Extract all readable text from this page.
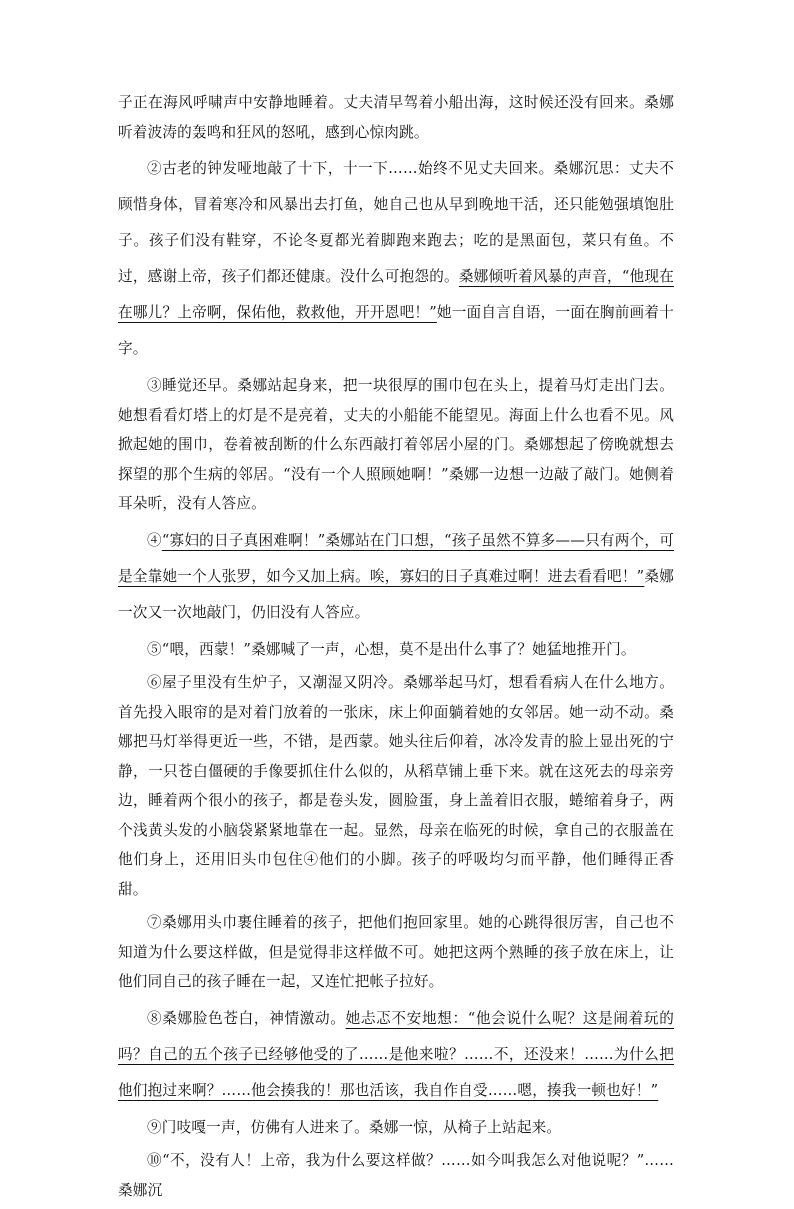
子正在海风呼啸声中安静地睡着。丈夫清早驾着小船出海，这时候还没有回来。桑娜听着波涛的轰鸣和狂风的怒吼，感到心惊肉跳。

②古老的钟发哑地敲了十下，十一下……始终不见丈夫回来。桑娜沉思：丈夫不顾惜身体，冒着寒冷和风暴出去打鱼，她自己也从早到晚地干活，还只能勉强填饱肚子。孩子们没有鞋穿，不论冬夏都光着脚跑来跑去；吃的是黑面包，菜只有鱼。不过，感谢上帝，孩子们都还健康。没什么可抱怨的。桑娜倾听着风暴的声音，“他现在在哪儿？上帝啊，保佑他，救救他，开开恩吧！”她一面自言自语，一面在胸前画着十字。

③睡觉还早。桑娜站起身来，把一块很厚的围巾包在头上，提着马灯走出门去。她想看看灯塔上的灯是不是亮着，丈夫的小船能不能望见。海面上什么也看不见。风掀起她的围巾，卷着被刮断的什么东西敲打着邻居小屋的门。桑娜想起了傍晚就想去探望的那个生病的邻居。“没有一个人照顾她啊！”桑娜一边想一边敲了敲门。她侧着耳朵听，没有人答应。

④“寡妇的日子真困难啊！”桑娜站在门口想，“孩子虽然不算多——只有两个，可是全靠她一个人张罗，如今又加上病。唉，寡妇的日子真难过啊！进去看看吧！”桑娜一次又一次地敲门，仍旧没有人答应。

⑤“喂，西蒙！”桑娜喊了一声，心想，莫不是出什么事了？她猛地推开门。

⑥屋子里没有生炉子，又潮湿又阴冷。桑娜举起马灯，想看看病人在什么地方。首先投入眼帘的是对着门放着的一张床，床上仰面躺着她的女邻居。她一动不动。桑娜把马灯举得更近一些，不错，是西蒙。她头往后仰着，冰冷发青的脸上显出死的宁静，一只苍白僵硬的手像要抓住什么似的，从稻草铺上垂下来。就在这死去的母亲旁边，睡着两个很小的孩子，都是卷头发，圆脸蛋，身上盖着旧衣服，蜷缩着身子，两个浅黄头发的小脑袋紧紧地靠在一起。显然，母亲在临死的时候，拿自己的衣服盖在他们身上，还用旧头巾包住④他们的小脚。孩子的呼吸均匀而平静，他们睡得正香甜。

⑦桑娜用头巾裹住睡着的孩子，把他们抱回家里。她的心跳得很厉害，自己也不知道为什么要这样做，但是觉得非这样做不可。她把这两个熟睡的孩子放在床上，让他们同自己的孩子睡在一起，又连忙把帐子拉好。

⑧桑娜脸色苍白，神情激动。她忐忑不安地想：“他会说什么呢？这是闹着玩的吗？自己的五个孩子已经够他受的了……是他来啦？……不，还没来！……为什么把他们抱过来啊？……他会揍我的！那也活该，我自作自受……嗯，揍我一顿也好！”

⑨门吱嘎一声，仿佛有人进来了。桑娜一惊，从椅子上站起来。

⑩“不，没有人！上帝，我为什么要这样做？……如今叫我怎么对他说呢？”……桑娜沉
